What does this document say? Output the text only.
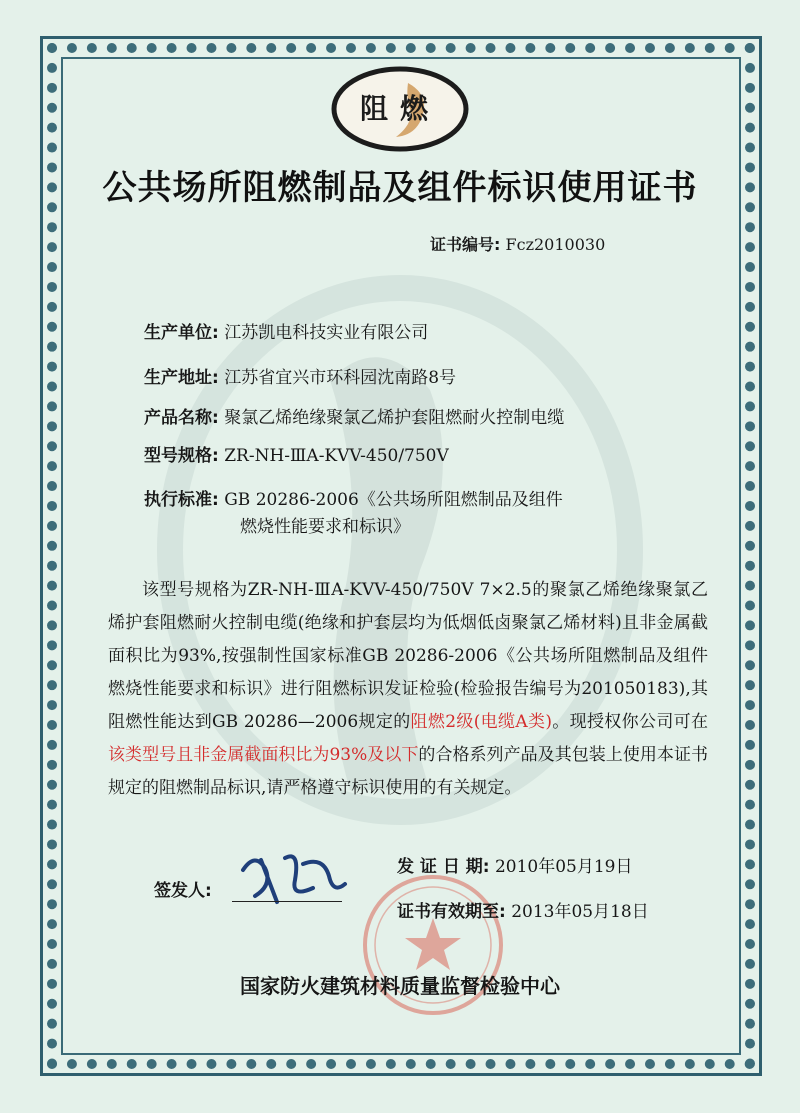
阻燃
公共场所阻燃制品及组件标识使用证书
证书编号: Fcz2010030
生产单位: 江苏凯电科技实业有限公司
生产地址: 江苏省宜兴市环科园沈南路8号
产品名称: 聚氯乙烯绝缘聚氯乙烯护套阻燃耐火控制电缆
型号规格: ZR-NH-ⅢA-KVV-450/750V
执行标准: GB 20286-2006《公共场所阻燃制品及组件
燃烧性能要求和标识》

该型号规格为ZR-NH-ⅢA-KVV-450/750V 7×2.5的聚氯乙烯绝缘聚氯乙烯护套阻燃耐火控制电缆(绝缘和护套层均为低烟低卤聚氯乙烯材料)且非金属截面积比为93%,按强制性国家标准GB 20286-2006《公共场所阻燃制品及组件燃烧性能要求和标识》进行阻燃标识发证检验(检验报告编号为201050183),其阻燃性能达到GB 20286—2006规定的阻燃2级(电缆A类)。现授权你公司可在该类型号且非金属截面积比为93%及以下的合格系列产品及其包装上使用本证书规定的阻燃制品标识,请严格遵守标识使用的有关规定。

签发人:
发 证 日 期: 2010年05月19日
证书有效期至: 2013年05月18日
国家防火建筑材料质量监督检验中心
